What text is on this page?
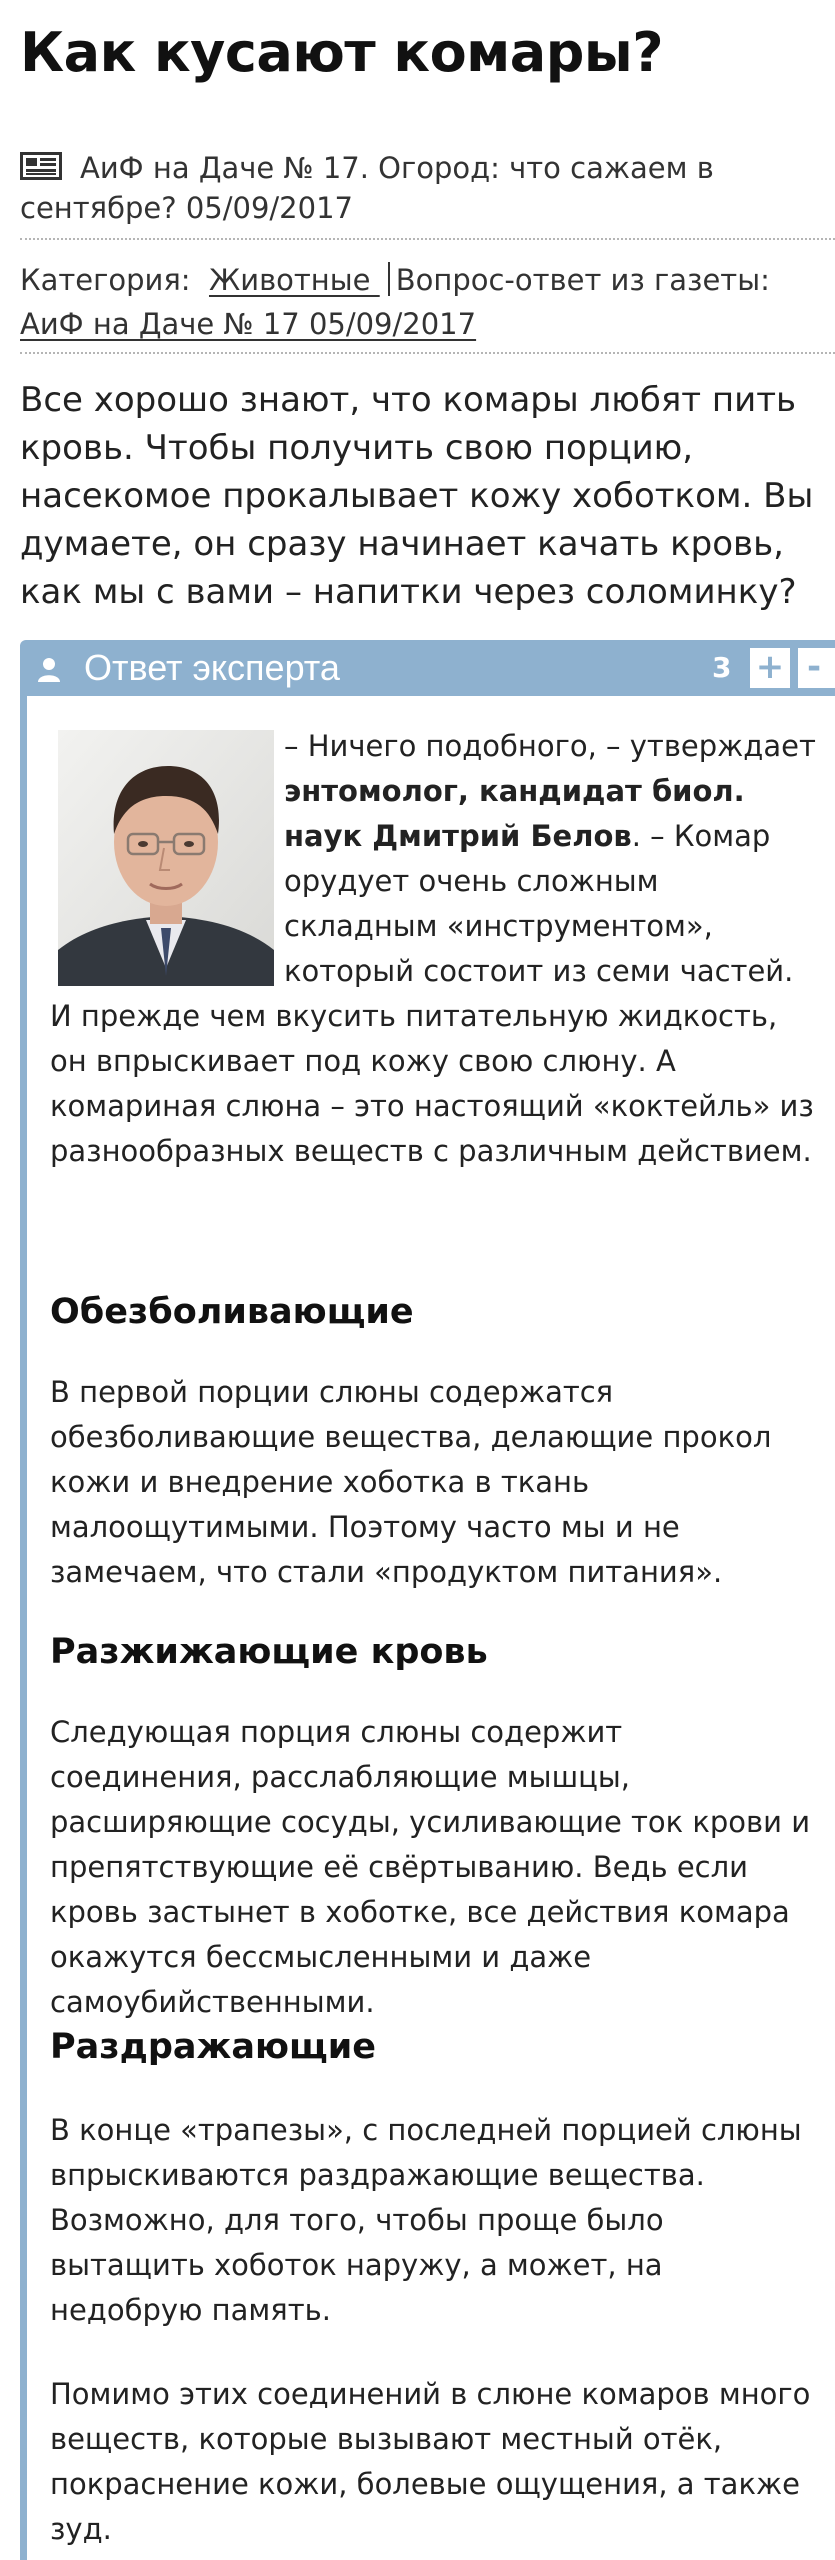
Как кусают комары?
АиФ на Даче № 17. Огород: что сажаем в сентябре? 05/09/2017
Категория: Животные Вопрос-ответ из газеты: АиФ на Даче № 17 05/09/2017

Все хорошо знают, что комары любят пить кровь. Чтобы получить свою порцию, насекомое прокалывает кожу хоботком. Вы думаете, он сразу начинает качать кровь, как мы с вами – напитки через соломинку?

Ответ эксперта	3 + -
– Ничего подобного, – утверждает энтомолог, кандидат биол. наук Дмитрий Белов. – Комар орудует очень сложным складным «инструментом», который состоит из семи частей. И прежде чем вкусить питательную жидкость, он впрыскивает под кожу свою слюну. А комариная слюна – это настоящий «коктейль» из разнообразных веществ с различным действием.
Обезболивающие

В первой порции слюны содержатся обезболивающие вещества, делающие прокол кожи и внедрение хоботка в ткань малоощутимыми. Поэтому часто мы и не замечаем, что стали «продуктом питания».

Разжижающие кровь

Следующая порция слюны содержит соединения, расслабляющие мышцы, расширяющие сосуды, усиливающие ток крови и препятствующие её свёртыванию. Ведь если кровь застынет в хоботке, все действия комара окажутся бессмысленными и даже самоубийственными.

Раздражающие

В конце «трапезы», с последней порцией слюны впрыскиваются раздражающие вещества. Возможно, для того, чтобы проще было вытащить хоботок наружу, а может, на недобрую память.

Помимо этих соединений в слюне комаров много веществ, которые вызывают местный отёк, покраснение кожи, болевые ощущения, а также зуд.
